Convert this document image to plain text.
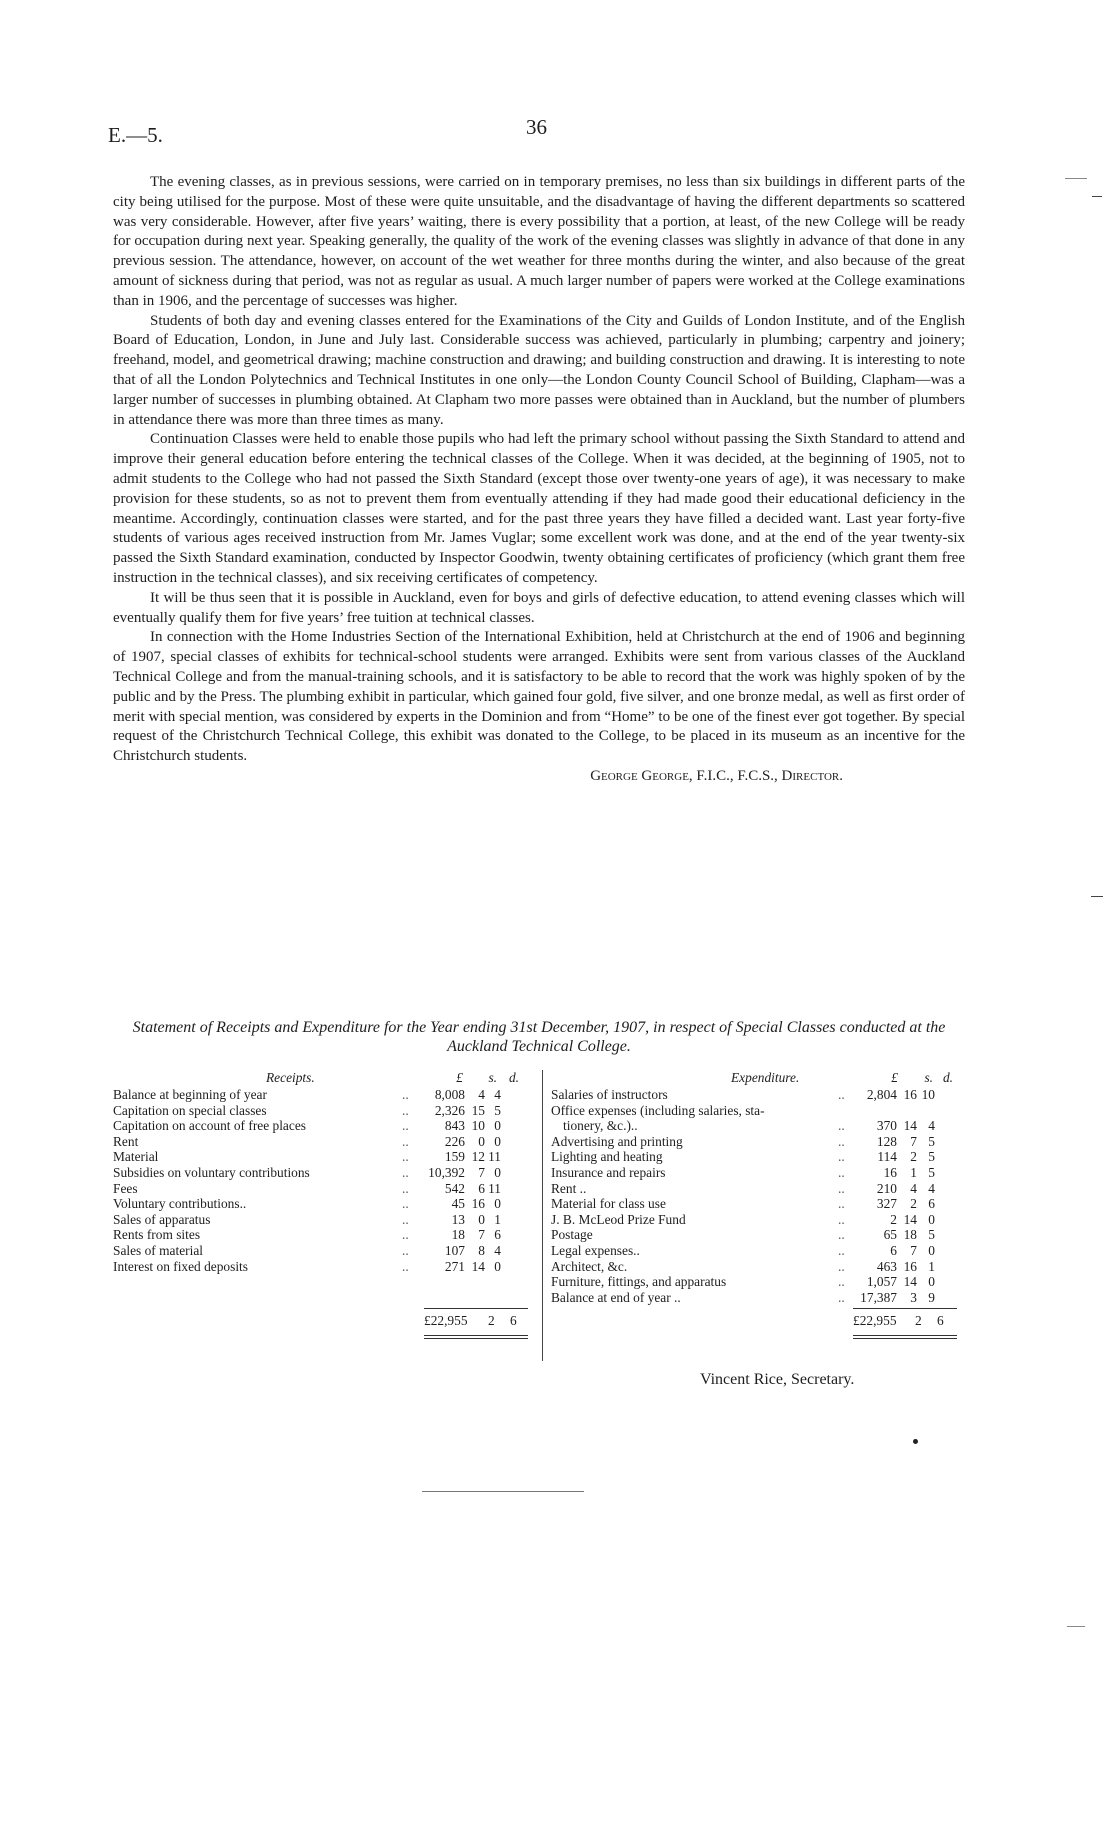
E.—5.	36

The evening classes, as in previous sessions, were carried on in temporary premises, no less than six buildings in different parts of the city being utilised for the purpose. Most of these were quite unsuitable, and the disadvantage of having the different departments so scattered was very considerable. However, after five years’ waiting, there is every possibility that a portion, at least, of the new College will be ready for occupation during next year. Speaking generally, the quality of the work of the evening classes was slightly in advance of that done in any previous session. The attendance, however, on account of the wet weather for three months during the winter, and also because of the great amount of sickness during that period, was not as regular as usual. A much larger number of papers were worked at the College examinations than in 1906, and the percentage of successes was higher.

Students of both day and evening classes entered for the Examinations of the City and Guilds of London Institute, and of the English Board of Education, London, in June and July last. Considerable success was achieved, particularly in plumbing; carpentry and joinery; freehand, model, and geometrical drawing; machine construction and drawing; and building construction and drawing. It is interesting to note that of all the London Polytechnics and Technical Institutes in one only—the London County Council School of Building, Clapham—was a larger number of successes in plumbing obtained. At Clapham two more passes were obtained than in Auckland, but the number of plumbers in attendance there was more than three times as many.

Continuation Classes were held to enable those pupils who had left the primary school without passing the Sixth Standard to attend and improve their general education before entering the technical classes of the College. When it was decided, at the beginning of 1905, not to admit students to the College who had not passed the Sixth Standard (except those over twenty-one years of age), it was necessary to make provision for these students, so as not to prevent them from eventually attending if they had made good their educational deficiency in the meantime. Accordingly, continuation classes were started, and for the past three years they have filled a decided want. Last year forty-five students of various ages received instruction from Mr. James Vuglar; some excellent work was done, and at the end of the year twenty-six passed the Sixth Standard examination, conducted by Inspector Goodwin, twenty obtaining certificates of proficiency (which grant them free instruction in the technical classes), and six receiving certificates of competency.

It will be thus seen that it is possible in Auckland, even for boys and girls of defective education, to attend evening classes which will eventually qualify them for five years’ free tuition at technical classes.

In connection with the Home Industries Section of the International Exhibition, held at Christchurch at the end of 1906 and beginning of 1907, special classes of exhibits for technical-school students were arranged. Exhibits were sent from various classes of the Auckland Technical College and from the manual-training schools, and it is satisfactory to be able to record that the work was highly spoken of by the public and by the Press. The plumbing exhibit in particular, which gained four gold, five silver, and one bronze medal, as well as first order of merit with special mention, was considered by experts in the Dominion and from “Home” to be one of the finest ever got together. By special request of the Christchurch Technical College, this exhibit was donated to the College, to be placed in its museum as an incentive for the Christchurch students.

George George, F.I.C., F.C.S., Director.
Statement of Receipts and Expenditure for the Year ending 31st December, 1907, in respect of Special Classes conducted at the Auckland Technical College.
Receipts.	£	s. d.
Balance at beginning of year	..	8,008 4 4
Capitation on special classes	..	2,326 15 5
Capitation on account of free places	..	843 10 0
Rent	..	226 0 0
Material	..	159 12 11
Subsidies on voluntary contributions	..	10,392 7 0
Fees	..	542 6 11
Voluntary contributions..	..	45 16 0
Sales of apparatus	..	13 0 1
Rents from sites	..	18 7 6
Sales of material	..	107 8 4
Interest on fixed deposits	..	271 14 0
Expenditure.	£	s. d.
Salaries of instructors	..	2,804 16 10
Office expenses (including salaries, sta-
tionery, &c.)..	..	370 14 4
Advertising and printing	..	128 7 5
Lighting and heating	..	114 2 5
Insurance and repairs	..	16 1 5
Rent ..	..	210 4 4
Material for class use	..	327 2 6
J. B. McLeod Prize Fund	..	2 14 0
Postage	..	65 18 5
Legal expenses..	..	6 7 0
Architect, &c.	..	463 16 1
Furniture, fittings, and apparatus	..	1,057 14 0
Balance at end of year ..	..	17,387 3 9
£22,955	2	6	£22,955	2	6
Vincent Rice, Secretary.
